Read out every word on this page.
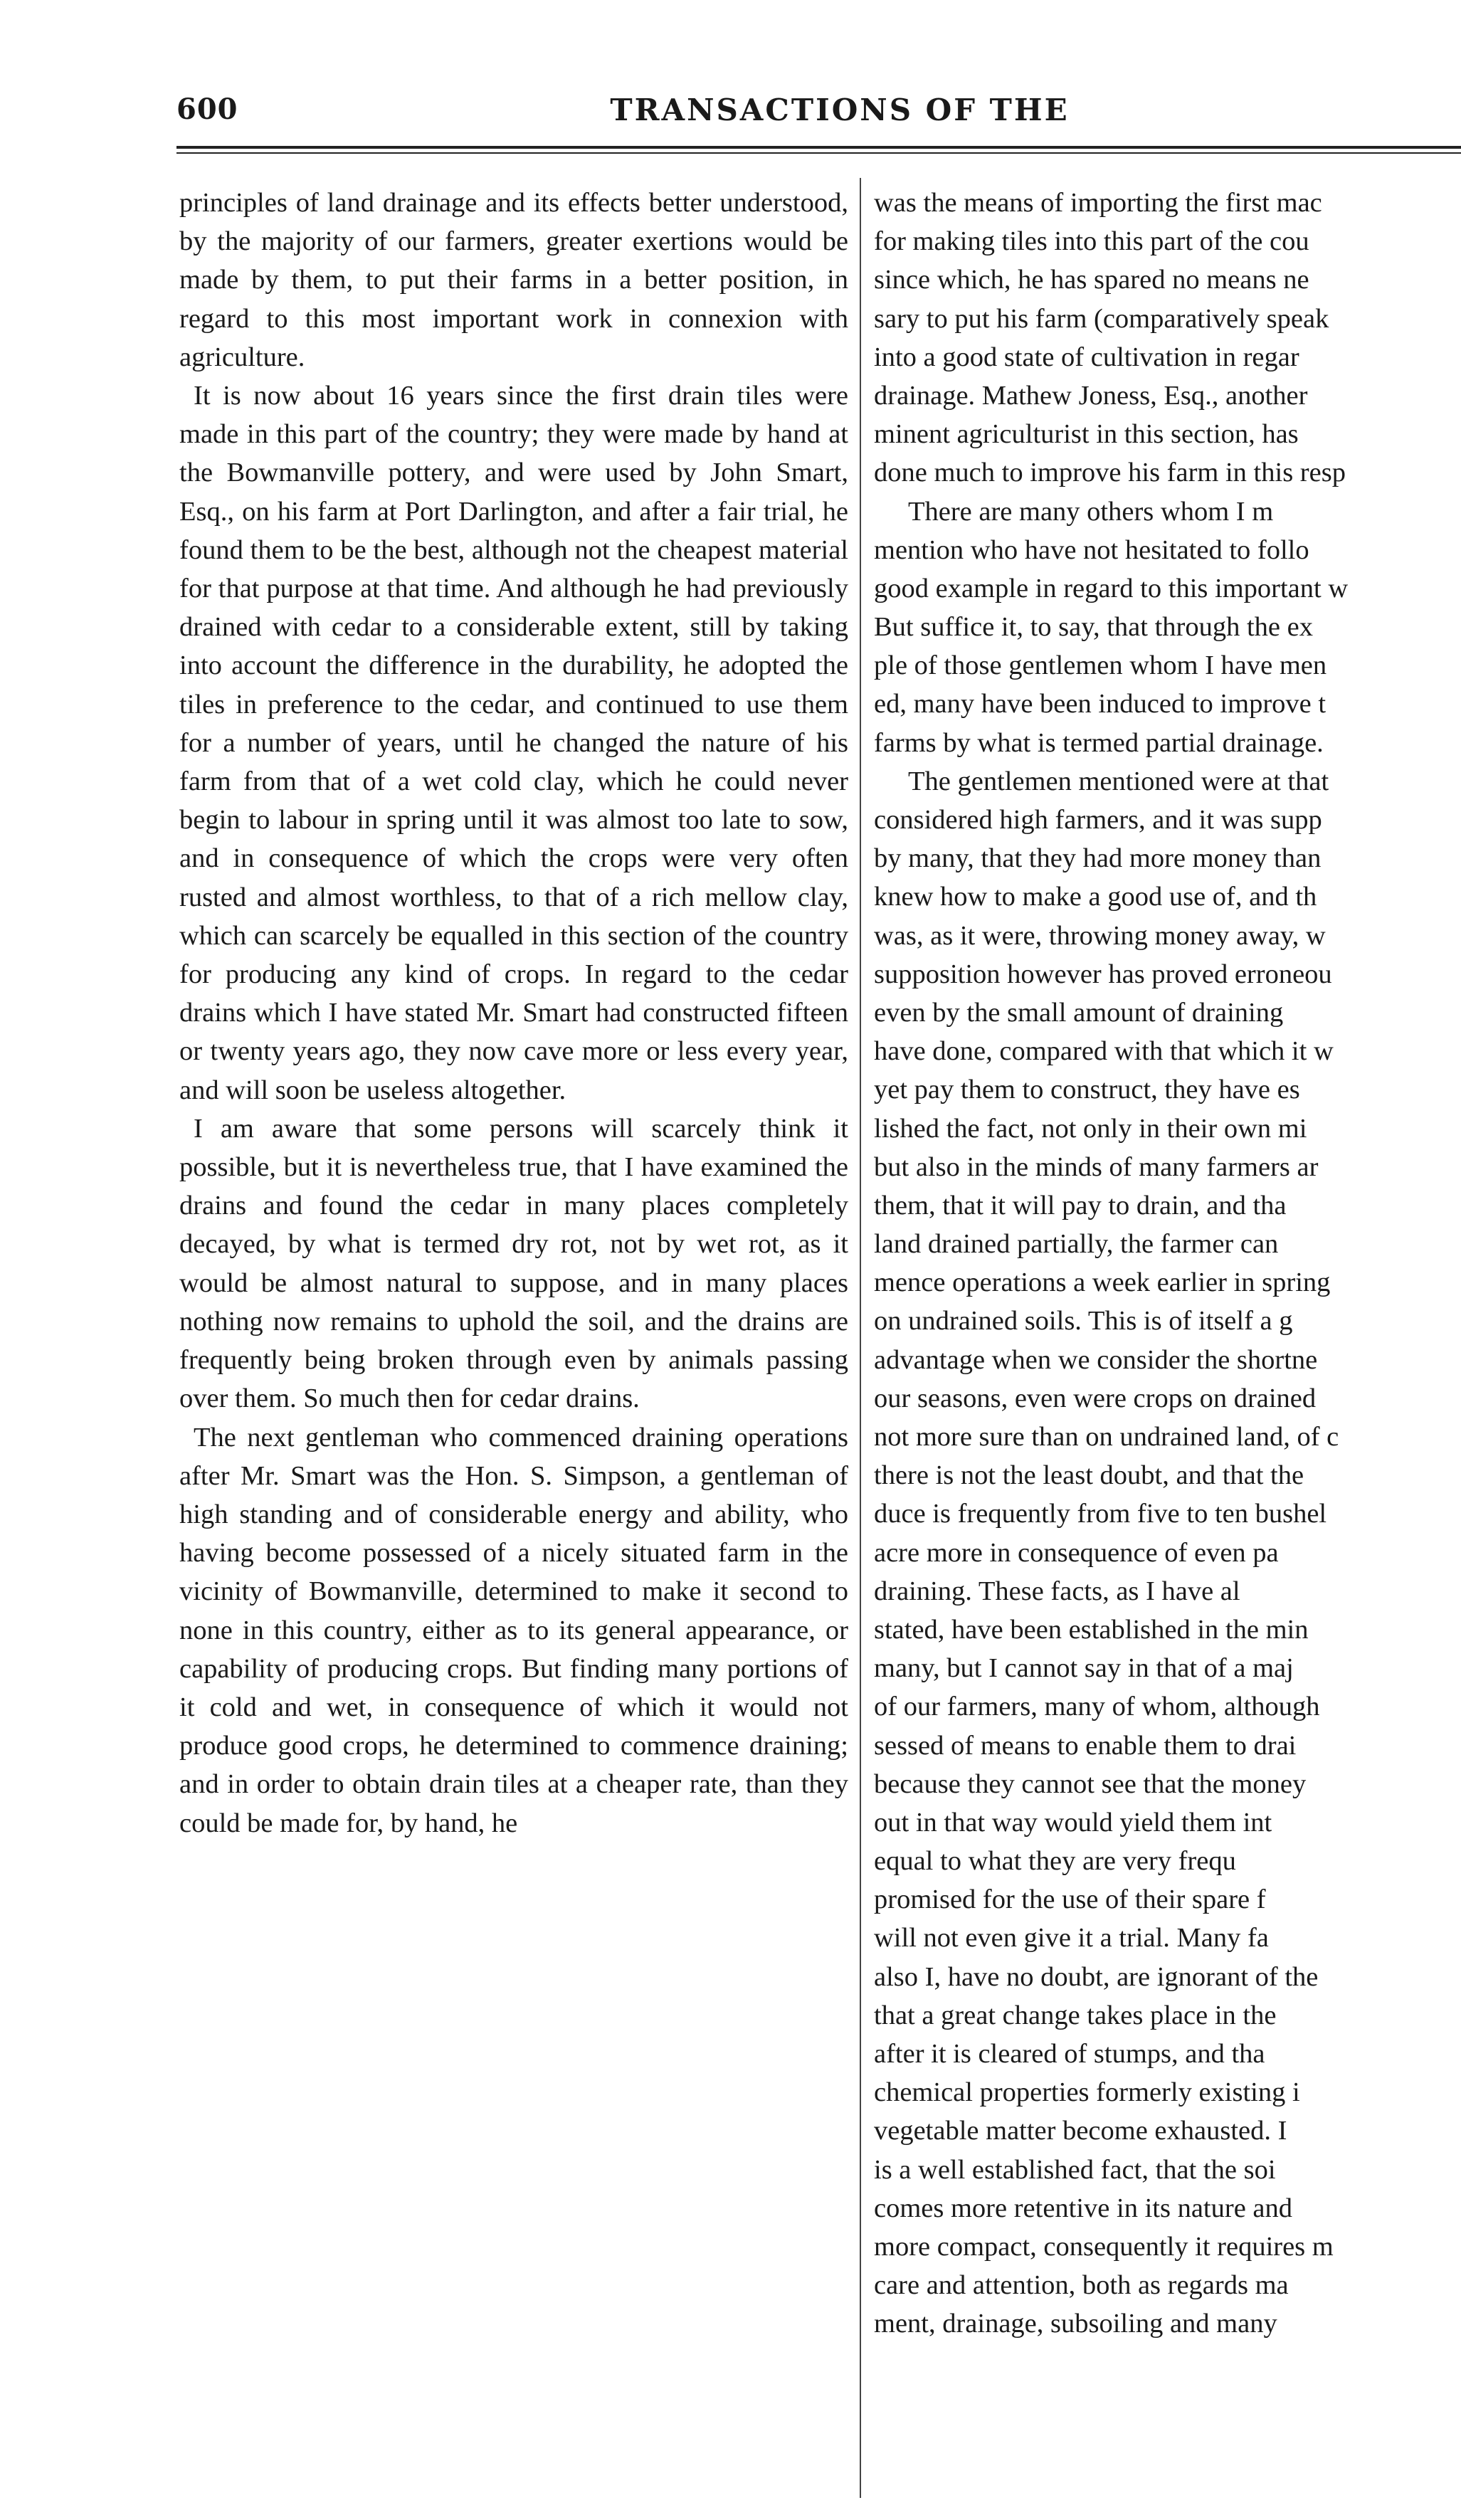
600	TRANSACTIONS OF THE

principles of land drainage and its effects better understood, by the majority of our farmers, greater exertions would be made by them, to put their farms in a better position, in regard to this most important work in connexion with agriculture.

It is now about 16 years since the first drain tiles were made in this part of the country; they were made by hand at the Bowmanville pottery, and were used by John Smart, Esq., on his farm at Port Darlington, and after a fair trial, he found them to be the best, although not the cheapest material for that purpose at that time. And although he had previously drained with cedar to a considerable extent, still by taking into account the difference in the durability, he adopted the tiles in preference to the cedar, and continued to use them for a number of years, until he changed the nature of his farm from that of a wet cold clay, which he could never begin to labour in spring until it was almost too late to sow, and in consequence of which the crops were very often rusted and almost worthless, to that of a rich mellow clay, which can scarcely be equalled in this section of the country for producing any kind of crops. In regard to the cedar drains which I have stated Mr. Smart had constructed fifteen or twenty years ago, they now cave more or less every year, and will soon be useless altogether.

I am aware that some persons will scarcely think it possible, but it is nevertheless true, that I have examined the drains and found the cedar in many places completely decayed, by what is termed dry rot, not by wet rot, as it would be almost natural to suppose, and in many places nothing now remains to uphold the soil, and the drains are frequently being broken through even by animals passing over them. So much then for cedar drains.

The next gentleman who commenced draining operations after Mr. Smart was the Hon. S. Simpson, a gentleman of high standing and of considerable energy and ability, who having become possessed of a nicely situated farm in the vicinity of Bowmanville, determined to make it second to none in this country, either as to its general appearance, or capability of producing crops. But finding many portions of it cold and wet, in consequence of which it would not produce good crops, he determined to commence draining; and in order to obtain drain tiles at a cheaper rate, than they could be made for, by hand, he

was the means of importing the first mac
for making tiles into this part of the cou
since which, he has spared no means ne
sary to put his farm (comparatively speak
into a good state of cultivation in regar
drainage. Mathew Joness, Esq., another
minent agriculturist in this section, has
done much to improve his farm in this resp
There are many others whom I m
mention who have not hesitated to follo
good example in regard to this important w
But suffice it, to say, that through the ex
ple of those gentlemen whom I have men
ed, many have been induced to improve t
farms by what is termed partial drainage.
The gentlemen mentioned were at that
considered high farmers, and it was supp
by many, that they had more money than
knew how to make a good use of, and th
was, as it were, throwing money away, w
supposition however has proved erroneou
even by the small amount of draining
have done, compared with that which it w
yet pay them to construct, they have es
lished the fact, not only in their own mi
but also in the minds of many farmers ar
them, that it will pay to drain, and tha
land drained partially, the farmer can
mence operations a week earlier in spring
on undrained soils. This is of itself a g
advantage when we consider the shortne
our seasons, even were crops on drained
not more sure than on undrained land, of c
there is not the least doubt, and that the
duce is frequently from five to ten bushel
acre more in consequence of even pa
draining. These facts, as I have al
stated, have been established in the min
many, but I cannot say in that of a maj
of our farmers, many of whom, although
sessed of means to enable them to drai
because they cannot see that the money
out in that way would yield them int
equal to what they are very frequ
promised for the use of their spare f
will not even give it a trial. Many fa
also I, have no doubt, are ignorant of the
that a great change takes place in the
after it is cleared of stumps, and tha
chemical properties formerly existing i
vegetable matter become exhausted. I
is a well established fact, that the soi
comes more retentive in its nature and
more compact, consequently it requires m
care and attention, both as regards ma
ment, drainage, subsoiling and many
